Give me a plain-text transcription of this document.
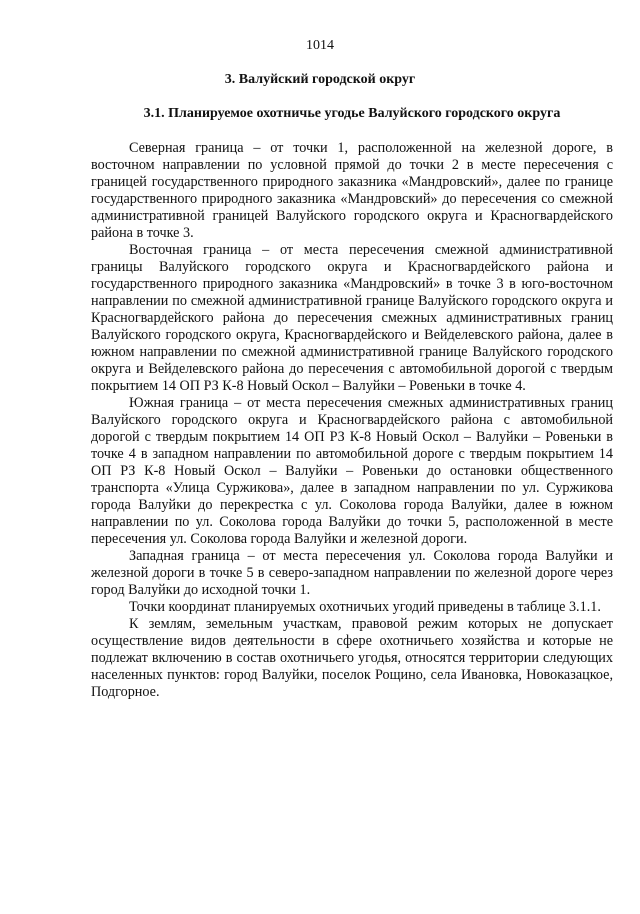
1014
3. Валуйский городской округ
3.1. Планируемое охотничье угодье Валуйского городского округа

Северная граница – от точки 1, расположенной на железной дороге, в восточном направлении по условной прямой до точки 2 в месте пересечения с границей государственного природного заказника «Мандровский», далее по границе государственного природного заказника «Мандровский» до пересечения со смежной административной границей Валуйского городского округа и Красногвардейского района в точке 3.

Восточная граница – от места пересечения смежной административной границы Валуйского городского округа и Красногвардейского района и государственного природного заказника «Мандровский» в точке 3 в юго-восточном направлении по смежной административной границе Валуйского городского округа и Красногвардейского района до пересечения смежных административных границ Валуйского городского округа, Красногвардейского и Вейделевского района, далее в южном направлении по смежной административной границе Валуйского городского округа и Вейделевского района до пересечения с автомобильной дорогой с твердым покрытием 14 ОП РЗ К-8 Новый Оскол – Валуйки – Ровеньки в точке 4.

Южная граница – от места пересечения смежных административных границ Валуйского городского округа и Красногвардейского района с автомобильной дорогой с твердым покрытием 14 ОП РЗ К-8 Новый Оскол – Валуйки – Ровеньки в точке 4 в западном направлении по автомобильной дороге с твердым покрытием 14 ОП РЗ К-8 Новый Оскол – Валуйки – Ровеньки до остановки общественного транспорта «Улица Суржикова», далее в западном направлении по ул. Суржикова города Валуйки до перекрестка с ул. Соколова города Валуйки, далее в южном направлении по ул. Соколова города Валуйки до точки 5, расположенной в месте пересечения ул. Соколова города Валуйки и железной дороги.

Западная граница – от места пересечения ул. Соколова города Валуйки и железной дороги в точке 5 в северо-западном направлении по железной дороге через город Валуйки до исходной точки 1.

Точки координат планируемых охотничьих угодий приведены в таблице 3.1.1.

К землям, земельным участкам, правовой режим которых не допускает осуществление видов деятельности в сфере охотничьего хозяйства и которые не подлежат включению в состав охотничьего угодья, относятся территории следующих населенных пунктов: город Валуйки, поселок Рощино, села Ивановка, Новоказацкое, Подгорное.
